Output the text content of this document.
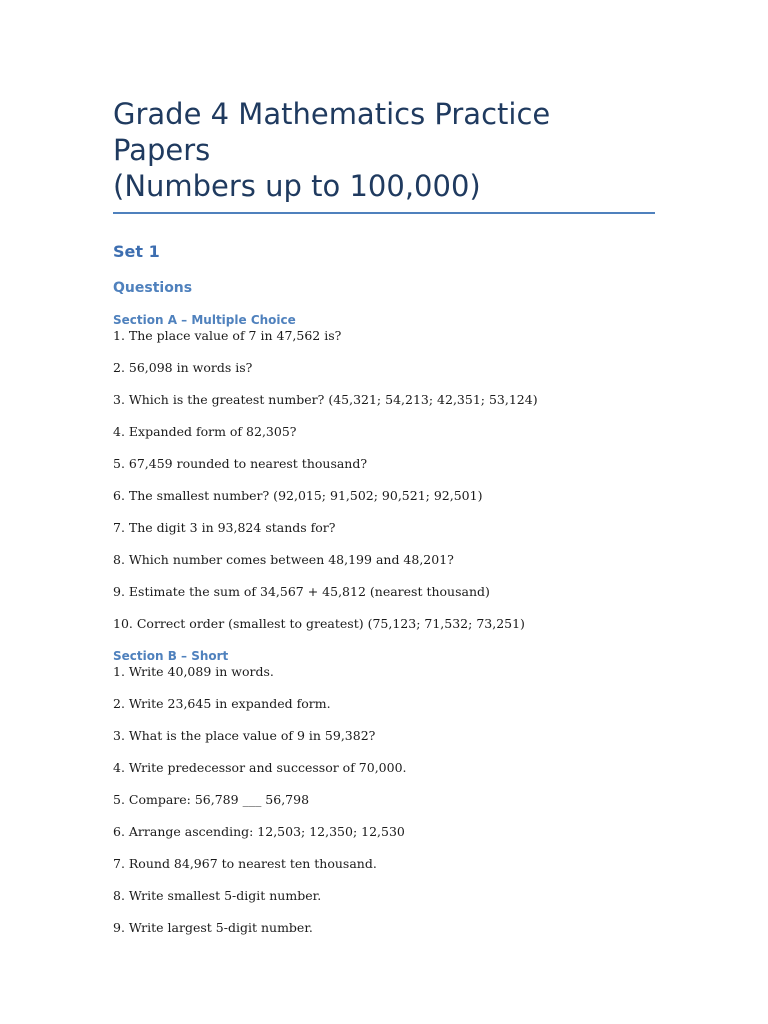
Grade 4 Mathematics Practice Papers
(Numbers up to 100,000)
Set 1
Questions
Section A – Multiple Choice
1. The place value of 7 in 47,562 is?
2. 56,098 in words is?
3. Which is the greatest number? (45,321; 54,213; 42,351; 53,124)
4. Expanded form of 82,305?
5. 67,459 rounded to nearest thousand?
6. The smallest number? (92,015; 91,502; 90,521; 92,501)
7. The digit 3 in 93,824 stands for?
8. Which number comes between 48,199 and 48,201?
9. Estimate the sum of 34,567 + 45,812 (nearest thousand)
10. Correct order (smallest to greatest) (75,123; 71,532; 73,251)
Section B – Short
1. Write 40,089 in words.
2. Write 23,645 in expanded form.
3. What is the place value of 9 in 59,382?
4. Write predecessor and successor of 70,000.
5. Compare: 56,789 ___ 56,798
6. Arrange ascending: 12,503; 12,350; 12,530
7. Round 84,967 to nearest ten thousand.
8. Write smallest 5-digit number.
9. Write largest 5-digit number.
